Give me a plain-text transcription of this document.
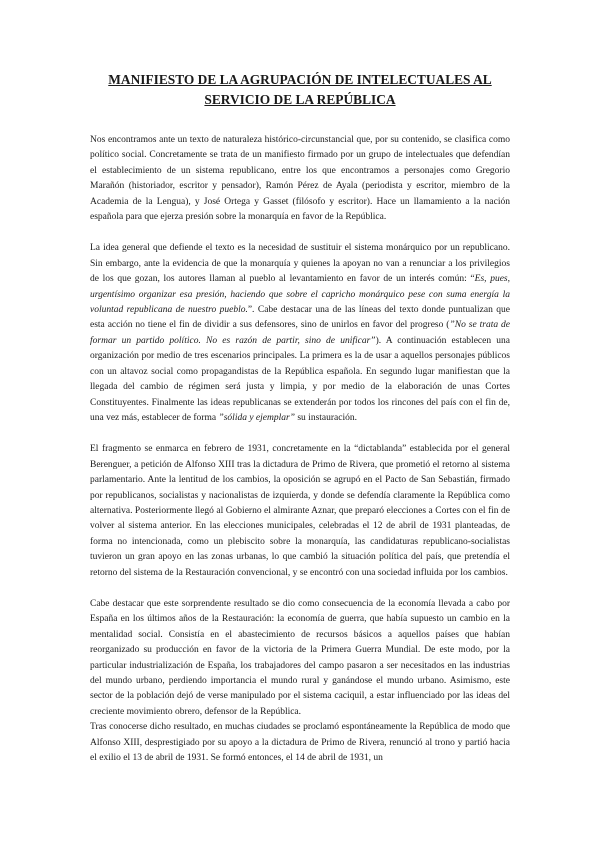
MANIFIESTO DE LA AGRUPACIÓN DE INTELECTUALES AL SERVICIO DE LA REPÚBLICA

Nos encontramos ante un texto de naturaleza histórico-circunstancial que, por su contenido, se clasifica como político social. Concretamente se trata de un manifiesto firmado por un grupo de intelectuales que defendían el establecimiento de un sistema republicano, entre los que encontramos a personajes como Gregorio Marañón (historiador, escritor y pensador), Ramón Pérez de Ayala (periodista y escritor, miembro de la Academia de la Lengua), y José Ortega y Gasset (filósofo y escritor). Hace un llamamiento a la nación española para que ejerza presión sobre la monarquía en favor de la República.

La idea general que defiende el texto es la necesidad de sustituir el sistema monárquico por un republicano. Sin embargo, ante la evidencia de que la monarquía y quienes la apoyan no van a renunciar a los privilegios de los que gozan, los autores llaman al pueblo al levantamiento en favor de un interés común: “Es, pues, urgentísimo organizar esa presión, haciendo que sobre el capricho monárquico pese con suma energía la voluntad republicana de nuestro pueblo.”. Cabe destacar una de las líneas del texto donde puntualizan que esta acción no tiene el fin de dividir a sus defensores, sino de unirlos en favor del progreso (”No se trata de formar un partido político. No es razón de partir, sino de unificar”). A continuación establecen una organización por medio de tres escenarios principales. La primera es la de usar a aquellos personajes públicos con un altavoz social como propagandistas de la República española. En segundo lugar manifiestan que la llegada del cambio de régimen será justa y limpia, y por medio de la elaboración de unas Cortes Constituyentes. Finalmente las ideas republicanas se extenderán por todos los rincones del país con el fin de, una vez más, establecer de forma ”sólida y ejemplar” su instauración.

El fragmento se enmarca en febrero de 1931, concretamente en la “dictablanda” establecida por el general Berenguer, a petición de Alfonso XIII tras la dictadura de Primo de Rivera, que prometió el retorno al sistema parlamentario. Ante la lentitud de los cambios, la oposición se agrupó en el Pacto de San Sebastián, firmado por republicanos, socialistas y nacionalistas de izquierda, y donde se defendía claramente la República como alternativa. Posteriormente llegó al Gobierno el almirante Aznar, que preparó elecciones a Cortes con el fin de volver al sistema anterior. En las elecciones municipales, celebradas el 12 de abril de 1931 planteadas, de forma no intencionada, como un plebiscito sobre la monarquía, las candidaturas republicano-socialistas tuvieron un gran apoyo en las zonas urbanas, lo que cambió la situación política del país, que pretendía el retorno del sistema de la Restauración convencional, y se encontró con una sociedad influida por los cambios.

Cabe destacar que este sorprendente resultado se dio como consecuencia de la economía llevada a cabo por España en los últimos años de la Restauración: la economía de guerra, que había supuesto un cambio en la mentalidad social. Consistía en el abastecimiento de recursos básicos a aquellos países que habían reorganizado su producción en favor de la victoria de la Primera Guerra Mundial. De este modo, por la particular industrialización de España, los trabajadores del campo pasaron a ser necesitados en las industrias del mundo urbano, perdiendo importancia el mundo rural y ganándose el mundo urbano. Asimismo, este sector de la población dejó de verse manipulado por el sistema caciquil, a estar influenciado por las ideas del creciente movimiento obrero, defensor de la República.

Tras conocerse dicho resultado, en muchas ciudades se proclamó espontáneamente la República de modo que Alfonso XIII, desprestigiado por su apoyo a la dictadura de Primo de Rivera, renunció al trono y partió hacia el exilio el 13 de abril de 1931. Se formó entonces, el 14 de abril de 1931, un
